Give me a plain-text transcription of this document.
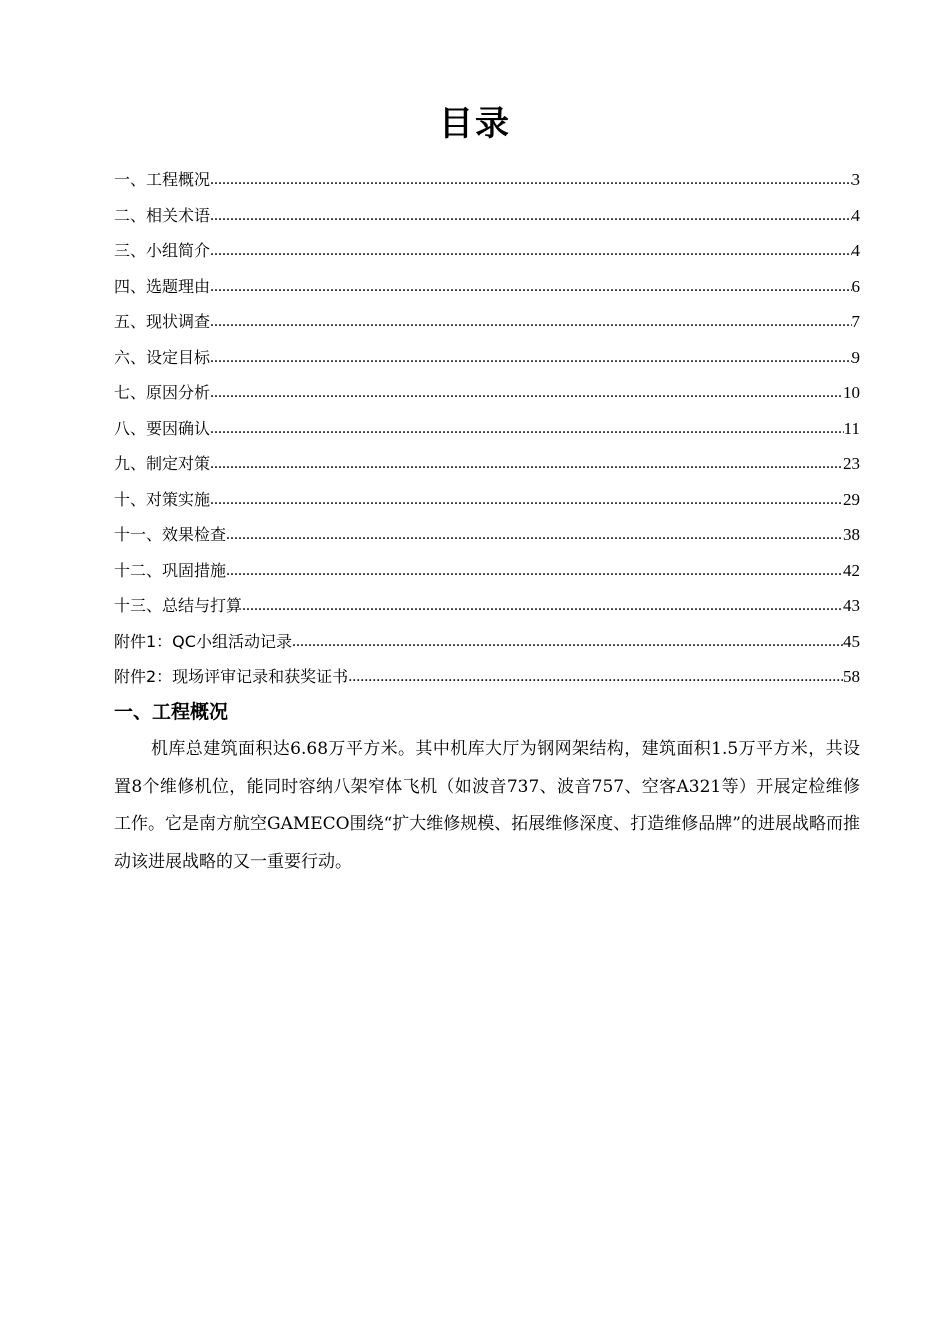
目录
一、工程概况 .....	3
二、相关术语 .....	4
三、小组简介 .....	4
四、选题理由 .....	6
五、现状调查 .....	7
六、设定目标 .....	9
七、原因分析 .....	10
八、要因确认 .....	11
九、制定对策 .....	23
十、对策实施 .....	29
十一、效果检查 .....	38
十二、巩固措施 .....	42
十三、总结与打算 .....	43
附件1：QC小组活动记录 .....	45
附件2：现场评审记录和获奖证书 .....	58
一、工程概况

机库总建筑面积达6.68万平方米。其中机库大厅为钢网架结构，建筑面积1.5万平方米，共设置8个维修机位，能同时容纳八架窄体飞机（如波音737、波音757、空客A321等）开展定检维修工作。它是南方航空GAMECO围绕“扩大维修规模、拓展维修深度、打造维修品牌”的进展战略而推动该进展战略的又一重要行动。
